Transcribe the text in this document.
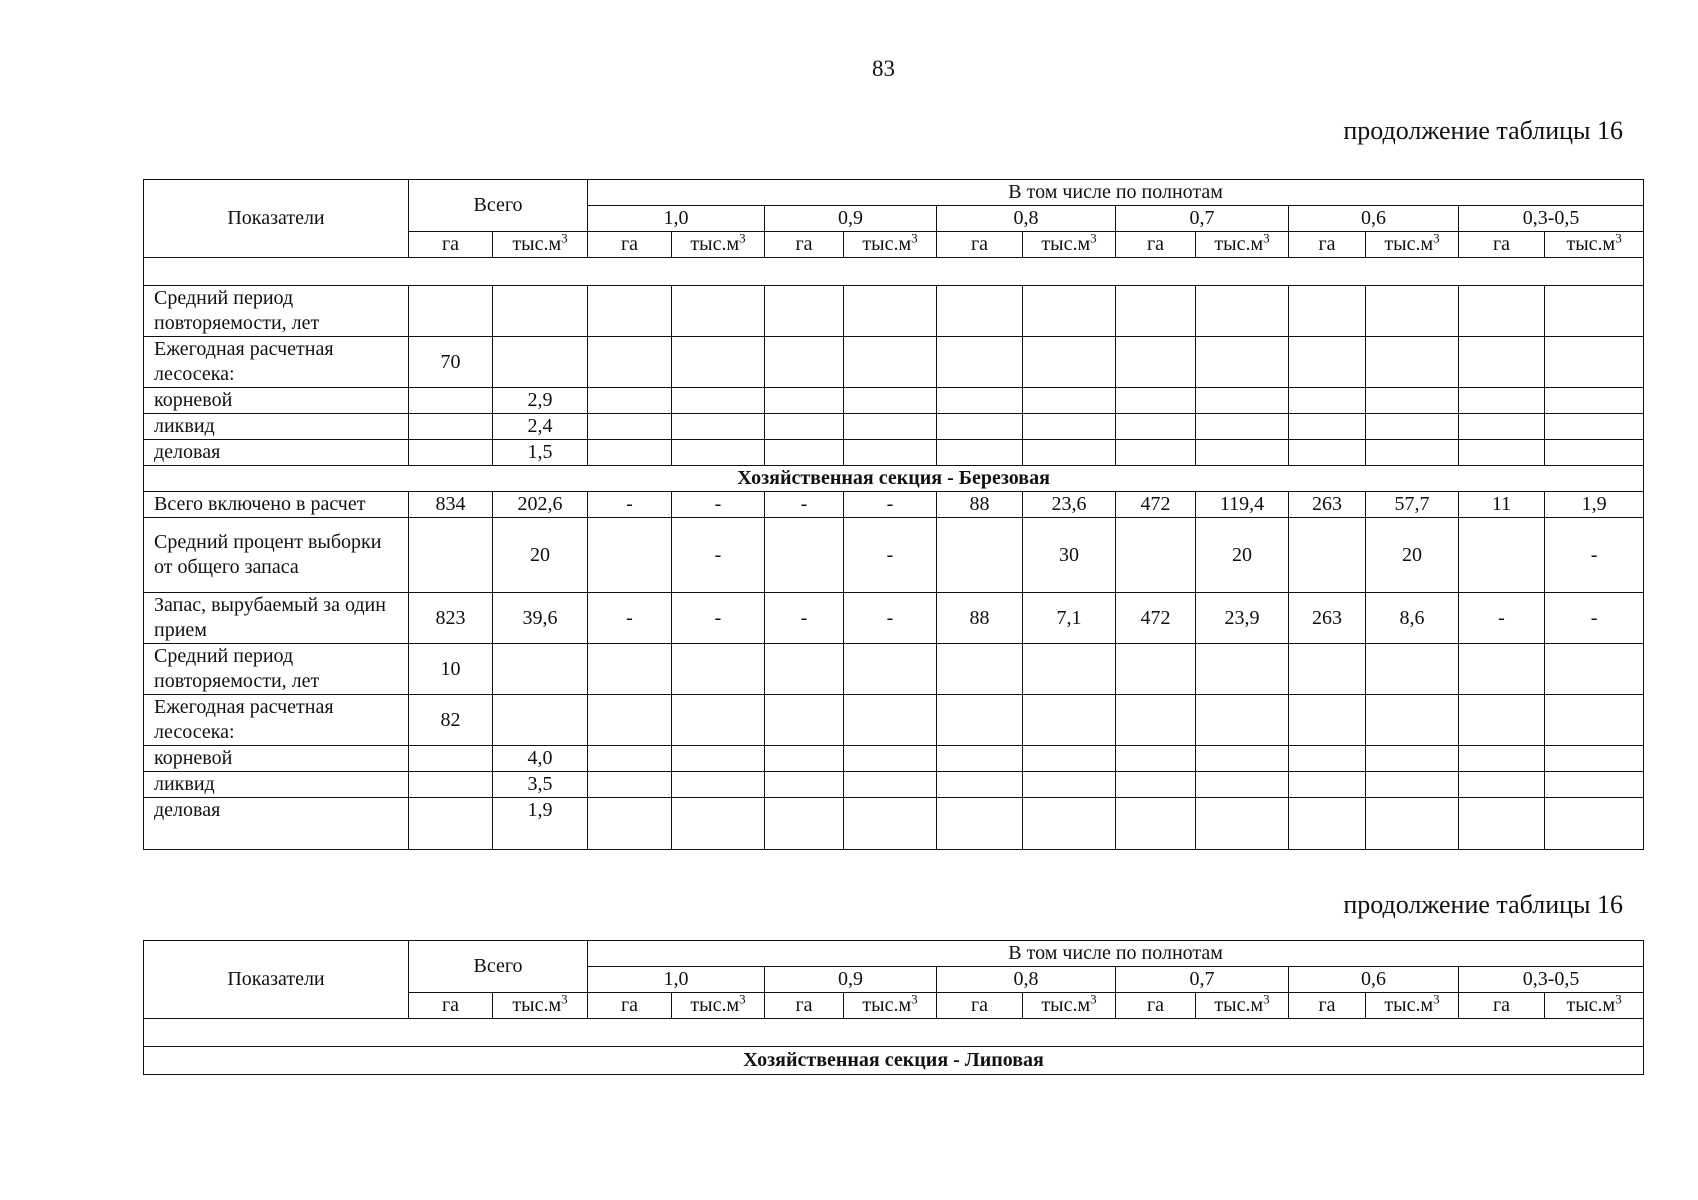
83
продолжение таблицы 16
Показатели	Всего		В том числе по полнотам											
			1,0		0,9		0,8		0,7		0,6		0,3-0,5	
	га	$тыс.м^3$	га	$тыс.м^3$	га	$тыс.м^3$	га	$тыс.м^3$	га	$тыс.м^3$	га	$тыс.м^3$	га	$тыс.м^3$

Средний период повторяемости, лет														
Ежегодная расчетная лесосека:	70													
корневой		2,9												
ликвид		2,4												
деловая		1,5												
Хозяйственная секция - Березовая														
Всего включено в расчет	834	202,6	-	-	-	-	88	23,6	472	119,4	263	57,7	11	1,9
Средний процент выборки от общего запаса		20		-		-		30		20		20		-
Запас, вырубаемый за один прием	823	39,6	-	-	-	-	88	7,1	472	23,9	263	8,6	-	-
Средний период повторяемости, лет	10													
Ежегодная расчетная лесосека:	82													
корневой		4,0												
ликвид		3,5												
деловая		1,9												
продолжение таблицы 16
Показатели	Всего		В том числе по полнотам											
			1,0		0,9		0,8		0,7		0,6		0,3-0,5	
	га	$тыс.м^3$	га	$тыс.м^3$	га	$тыс.м^3$	га	$тыс.м^3$	га	$тыс.м^3$	га	$тыс.м^3$	га	$тыс.м^3$

Хозяйственная секция - Липовая														
